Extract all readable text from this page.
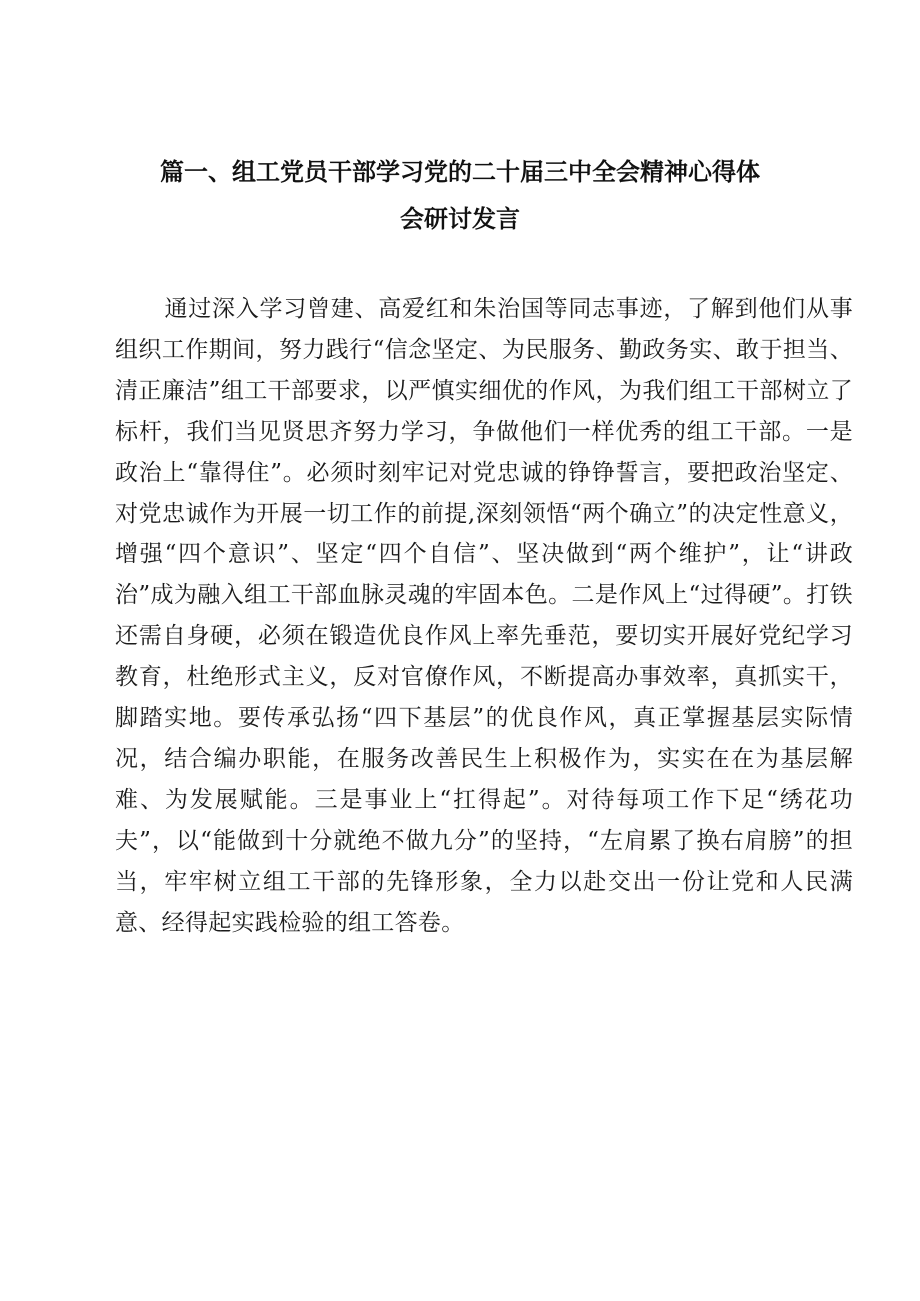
篇一、组工党员干部学习党的二十届三中全会精神心得体
会研讨发言

通过深入学习曾建、高爱红和朱治国等同志事迹，了解到他们从事组织工作期间，努力践行“信念坚定、为民服务、勤政务实、敢于担当、清正廉洁”组工干部要求，以严慎实细优的作风，为我们组工干部树立了标杆，我们当见贤思齐努力学习，争做他们一样优秀的组工干部。一是政治上“靠得住”。必须时刻牢记对党忠诚的铮铮誓言，要把政治坚定、对党忠诚作为开展一切工作的前提,深刻领悟“两个确立”的决定性意义，增强“四个意识”、坚定“四个自信”、坚决做到“两个维护”，让“讲政治”成为融入组工干部血脉灵魂的牢固本色。二是作风上“过得硬”。打铁还需自身硬，必须在锻造优良作风上率先垂范，要切实开展好党纪学习教育，杜绝形式主义，反对官僚作风，不断提高办事效率，真抓实干，脚踏实地。要传承弘扬“四下基层”的优良作风，真正掌握基层实际情况，结合编办职能，在服务改善民生上积极作为，实实在在为基层解难、为发展赋能。三是事业上“扛得起”。对待每项工作下足“绣花功夫”，以“能做到十分就绝不做九分”的坚持，“左肩累了换右肩膀”的担当，牢牢树立组工干部的先锋形象，全力以赴交出一份让党和人民满意、经得起实践检验的组工答卷。
